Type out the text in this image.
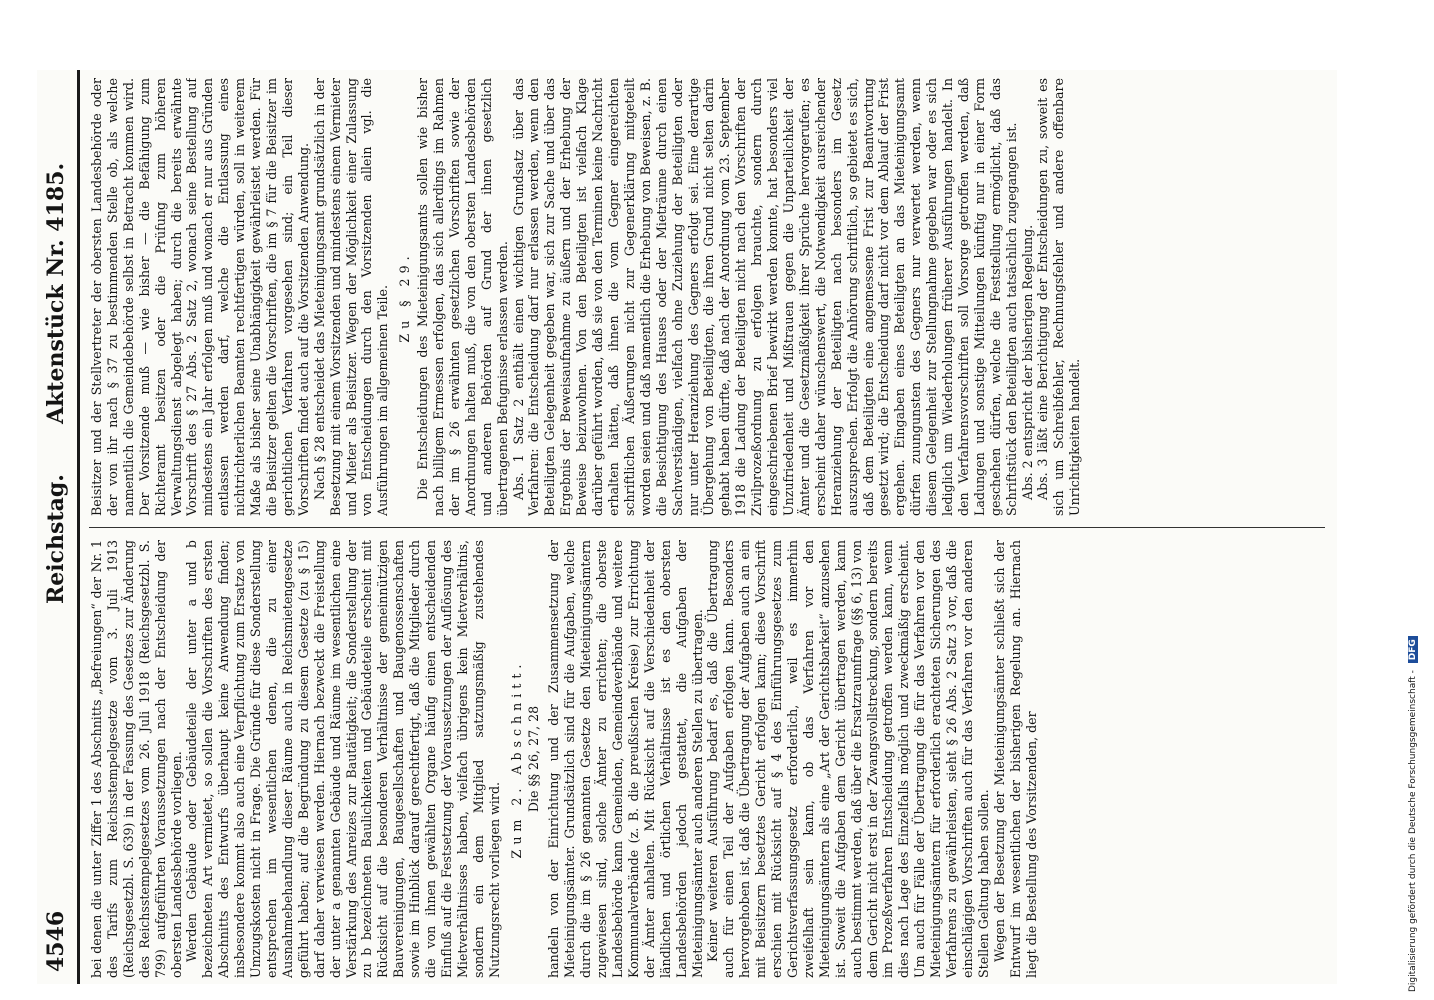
4546
Reichstag.
Aktenstück Nr. 4185.

bei denen die unter Ziffer 1 des Abschnitts „Befreiungen“ der Nr. 1 des Tarifs zum Reichsstempelgesetze vom 3. Juli 1913 (Reichsgesetzbl. S. 639) in der Fassung des Gesetzes zur Änderung des Reichsstempelgesetzes vom 26. Juli 1918 (Reichsgesetzbl. S. 799) aufgeführten Voraussetzungen nach der Entscheidung der obersten Landesbehörde vorliegen. Werden Gebäude oder Gebäudeteile der unter a und b bezeichneten Art vermietet, so sollen die Vorschriften des ersten Abschnitts des Entwurfs überhaupt keine Anwendung finden; insbesondere kommt also auch eine Verpflichtung zum Ersatze von Umzugskosten nicht in Frage. Die Gründe für diese Sonderstellung entsprechen im wesentlichen denen, die zu einer Ausnahmebehandlung dieser Räume auch in Reichsmietengesetze geführt haben; auf die Begründung zu diesem Gesetze (zu § 15) darf daher verwiesen werden. Hiernach bezweckt die Freistellung der unter a genannten Gebäude und Räume im wesentlichen eine Verstärkung des Anreizes zur Bautätigkeit; die Sonderstellung der zu b bezeichneten Baulichkeiten und Gebäudeteile erscheint mit Rücksicht auf die besonderen Verhältnisse der gemeinnützigen Bauvereinigungen, Baugesellschaften und Baugenossenschaften sowie im Hinblick darauf gerechtfertigt, daß die Mitglieder durch die von ihnen gewählten Organe häufig einen entscheidenden Einfluß auf die Festsetzung der Voraussetzungen der Auflösung des Mietverhältnisses haben, vielfach übrigens kein Mietverhältnis, sondern ein dem Mitglied satzungsmäßig zustehendes Nutzungsrecht vorliegen wird.

Zum 2. Abschnitt. Die §§ 26, 27, 28 handeln von der Einrichtung und der Zusammensetzung der Mieteinigungsämter. Grundsätzlich sind für die Aufgaben, welche durch die im § 26 genannten Gesetze den Mieteinigungsämtern zugewiesen sind, solche Ämter zu errichten; die oberste Landesbehörde kann Gemeinden, Gemeindeverbände und weitere Kommunalverbände (z. B. die preußischen Kreise) zur Errichtung der Ämter anhalten. Mit Rücksicht auf die Verschiedenheit der ländlichen und örtlichen Verhältnisse ist es den obersten Landesbehörden jedoch gestattet, die Aufgaben der Mieteinigungsämter auch anderen Stellen zu übertragen. Keiner weiteren Ausführung bedarf es, daß die Übertragung auch für einen Teil der Aufgaben erfolgen kann. Besonders hervorgehoben ist, daß die Übertragung der Aufgaben auch an ein mit Beisitzern besetztes Gericht erfolgen kann; diese Vorschrift erschien mit Rücksicht auf § 4 des Einführungsgesetzes zum Gerichtsverfassungsgesetz erforderlich, weil es immerhin zweifelhaft sein kann, ob das Verfahren vor den Mieteinigungsämtern als eine „Art der Gerichtsbarkeit“ anzusehen ist. Soweit die Aufgaben dem Gericht übertragen werden, kann auch bestimmt werden, daß über die Ersatzraumfrage (§§ 6, 13) von dem Gericht nicht erst in der Zwangsvollstreckung, sondern bereits im Prozeßverfahren Entscheidung getroffen werden kann, wenn dies nach Lage des Einzelfalls möglich und zweckmäßig erscheint. Um auch für Fälle der Übertragung die für das Verfahren vor den Mieteinigungsämtern für erforderlich erachteten Sicherungen des Verfahrens zu gewährleisten, sieht § 26 Abs. 2 Satz 3 vor, daß die einschlägigen Vorschriften auch für das Verfahren vor den anderen Stellen Geltung haben sollen. Wegen der Besetzung der Mieteinigungsämter schließt sich der Entwurf im wesentlichen der bisherigen Regelung an. Hiernach liegt die Bestellung des Vorsitzenden, der

Beisitzer und der Stellvertreter der obersten Landesbehörde oder der von ihr nach § 37 zu bestimmenden Stelle ob, als welche namentlich die Gemeindebehörde selbst in Betracht kommen wird. Der Vorsitzende muß — wie bisher — die Befähigung zum Richteramt besitzen oder die Prüfung zum höheren Verwaltungsdienst abgelegt haben; durch die bereits erwähnte Vorschrift des § 27 Abs. 2 Satz 2, wonach seine Bestellung auf mindestens ein Jahr erfolgen muß und wonach er nur aus Gründen entlassen werden darf, welche die Entlassung eines nichtrichterlichen Beamten rechtfertigen würden, soll in weiterem Maße als bisher seine Unabhängigkeit gewährleistet werden. Für die Beisitzer gelten die Vorschriften, die im § 7 für die Beisitzer im gerichtlichen Verfahren vorgesehen sind; ein Teil dieser Vorschriften findet auch auf die Vorsitzenden Anwendung. Nach § 28 entscheidet das Mieteinigungsamt grundsätzlich in der Besetzung mit einem Vorsitzenden und mindestens einem Vermieter und Mieter als Beisitzer. Wegen der Möglichkeit einer Zulassung von Entscheidungen durch den Vorsitzenden allein vgl. die Ausführungen im allgemeinen Teile. Zu § 29. Die Entscheidungen des Mieteinigungsamts sollen wie bisher nach billigem Ermessen erfolgen, das sich allerdings im Rahmen der im § 26 erwähnten gesetzlichen Vorschriften sowie der Anordnungen halten muß, die von den obersten Landesbehörden und anderen Behörden auf Grund der ihnen gesetzlich übertragenen Befugnisse erlassen werden. Abs. 1 Satz 2 enthält einen wichtigen Grundsatz über das Verfahren: die Entscheidung darf nur erlassen werden, wenn den Beteiligten Gelegenheit gegeben war, sich zur Sache und über das Ergebnis der Beweisaufnahme zu äußern und der Erhebung der Beweise beizuwohnen. Von den Beteiligten ist vielfach Klage darüber geführt worden, daß sie von den Terminen keine Nachricht erhalten hätten, daß ihnen die vom Gegner eingereichten schriftlichen Äußerungen nicht zur Gegenerklärung mitgeteilt worden seien und daß namentlich die Erhebung von Beweisen, z. B. die Besichtigung des Hauses oder der Mieträume durch einen Sachverständigen, vielfach ohne Zuziehung der Beteiligten oder nur unter Heranziehung des Gegners erfolgt sei. Eine derartige Übergehung von Beteiligten, die ihren Grund nicht selten darin gehabt haben dürfte, daß nach der Anordnung vom 23. September 1918 die Ladung der Beteiligten nicht nach den Vorschriften der Zivilprozeßordnung zu erfolgen brauchte, sondern durch eingeschriebenen Brief bewirkt werden konnte, hat besonders viel Unzufriedenheit und Mißtrauen gegen die Unparteilichkeit der Ämter und die Gesetzmäßigkeit ihrer Sprüche hervorgerufen; es erscheint daher wünschenswert, die Notwendigkeit ausreichender Heranziehung der Beteiligten nach besonders im Gesetz auszusprechen. Erfolgt die Anhörung schriftlich, so gebietet es sich, daß dem Beteiligten eine angemessene Frist zur Beantwortung gesetzt wird; die Entscheidung darf nicht vor dem Ablauf der Frist ergehen. Eingaben eines Beteiligten an das Mieteinigungsamt dürfen zuungunsten des Gegners nur verwertet werden, wenn diesem Gelegenheit zur Stellungnahme gegeben war oder es sich lediglich um Wiederholungen früherer Ausführungen handelt. In den Verfahrensvorschriften soll Vorsorge getroffen werden, daß Ladungen und sonstige Mitteilungen künftig nur in einer Form geschehen dürfen, welche die Feststellung ermöglicht, daß das Schriftstück den Beteiligten auch tatsächlich zugegangen ist. Abs. 2 entspricht der bisherigen Regelung. Abs. 3 läßt eine Berichtigung der Entscheidungen zu, soweit es sich um Schreibfehler, Rechnungsfehler und andere offenbare Unrichtigkeiten handelt.

Digitalisierung gefördert durch die Deutsche Forschungsgemeinschaft - DFG
